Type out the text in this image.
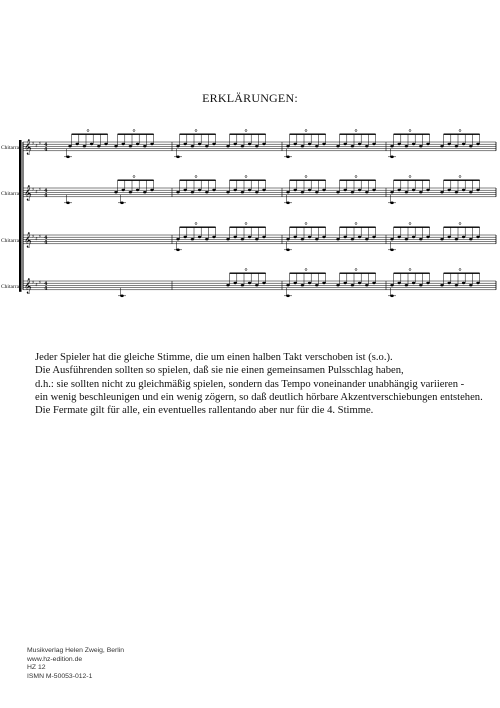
ERKLÄRUNGEN:
Chitarra1 𝄞 ♯ ♯ ♯ 4
4
Chitarra2 𝄞 ♯ ♯ ♯ 4
4
Chitarra3 𝄞 ♯ ♯ ♯ 4
4
Chitarra4 𝄞 ♯ ♯ ♯ 4
4
Jeder Spieler hat die gleiche Stimme, die um einen halben Takt verschoben ist (s.o.).
Die Ausführenden sollten so spielen, daß sie nie einen gemeinsamen Pulsschlag haben,
d.h.: sie sollten nicht zu gleichmäßig spielen, sondern das Tempo voneinander unabhängig variieren -
ein wenig beschleunigen und ein wenig zögern, so daß deutlich hörbare Akzentverschiebungen entstehen.
Die Fermate gilt für alle, ein eventuelles rallentando aber nur für die 4. Stimme.
Musikverlag Helen Zweig, Berlin
www.hz-edition.de
HZ 12
ISMN M-50053-012-1
